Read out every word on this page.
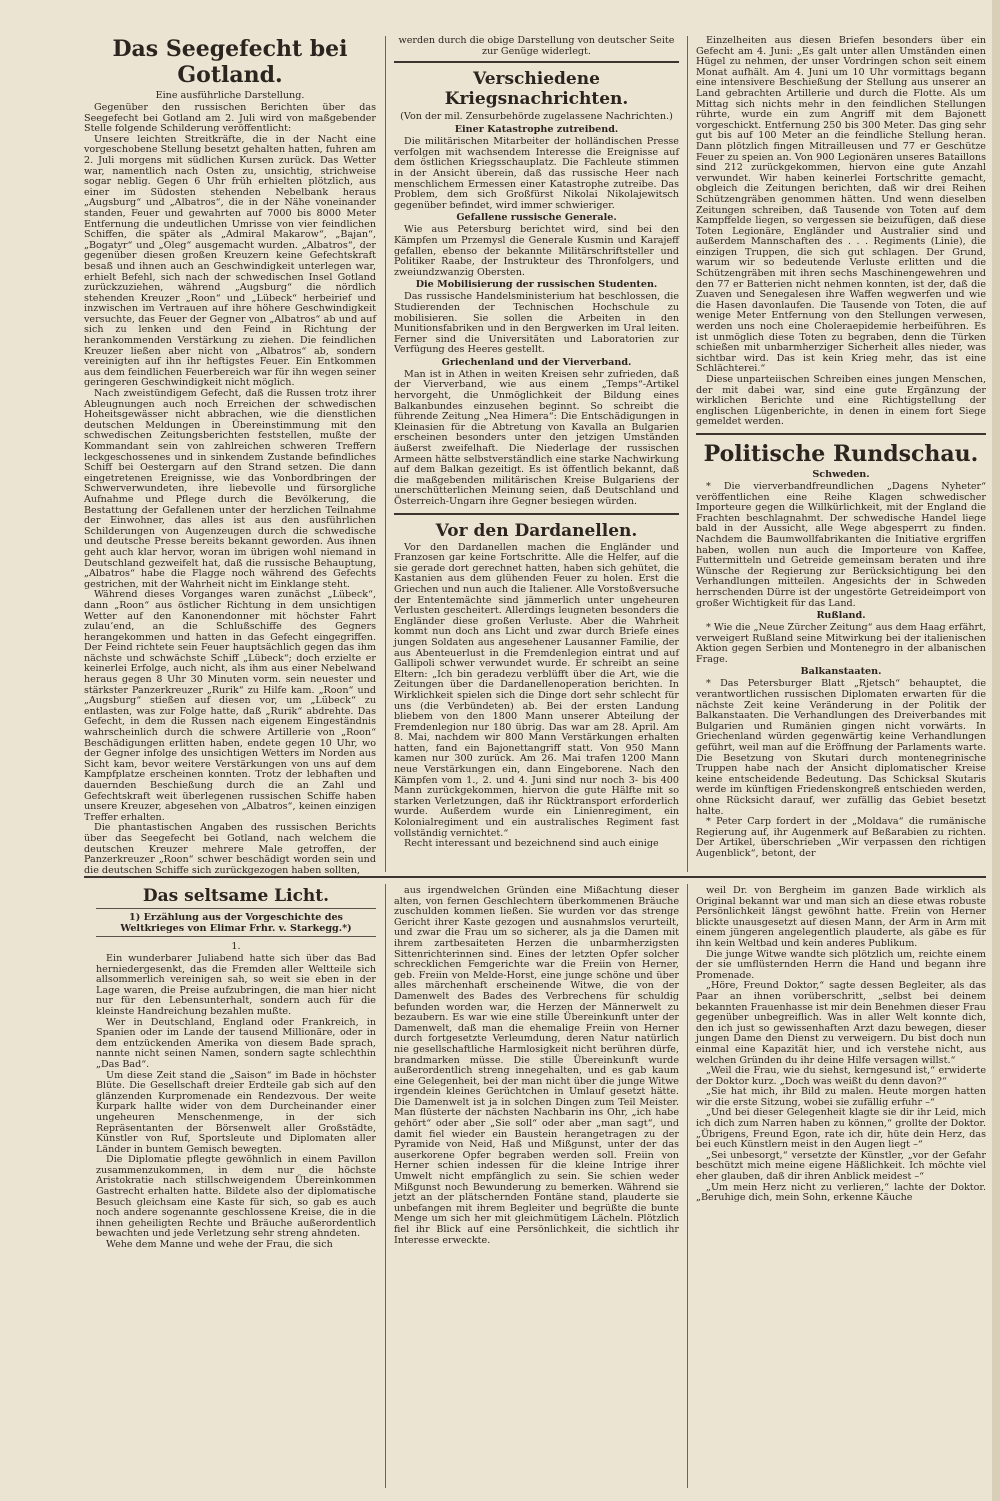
Das Seegefecht bei Gotland.
Eine ausführliche Darstellung.

Gegenüber den russischen Berichten über das Seegefecht bei Gotland am 2. Juli wird von maßgebender Stelle folgende Schilderung veröffentlicht:

Unsere leichten Streitkräfte, die in der Nacht eine vorgeschobene Stellung besetzt gehalten hatten, fuhren am 2. Juli morgens mit südlichen Kursen zurück. Das Wetter war, namentlich nach Osten zu, unsichtig, strichweise sogar neblig. Gegen 6 Uhr früh erhielten plötzlich, aus einer im Südosten stehenden Nebelbank heraus „Augsburg“ und „Albatros“, die in der Nähe voneinander standen, Feuer und gewahrten auf 7000 bis 8000 Meter Entfernung die undeutlichen Umrisse von vier feindlichen Schiffen, die später als „Admiral Makarow“, „Bajan“, „Bogatyr“ und „Oleg“ ausgemacht wurden. „Albatros“, der gegenüber diesen großen Kreuzern keine Gefechtskraft besaß und ihnen auch an Geschwindigkeit unterlegen war, erhielt Befehl, sich nach der schwedischen Insel Gotland zurückzuziehen, während „Augsburg“ die nördlich stehenden Kreuzer „Roon“ und „Lübeck“ herbeirief und inzwischen im Vertrauen auf ihre höhere Geschwindigkeit versuchte, das Feuer der Gegner von „Albatros“ ab und auf sich zu lenken und den Feind in Richtung der herankommenden Verstärkung zu ziehen. Die feindlichen Kreuzer ließen aber nicht von „Albatros“ ab, sondern vereinigten auf ihn ihr heftigstes Feuer. Ein Entkommen aus dem feindlichen Feuerbereich war für ihn wegen seiner geringeren Geschwindigkeit nicht möglich.

Nach zweistündigem Gefecht, daß die Russen trotz ihrer Ableugnungen auch noch Erreichen der schwedischen Hoheitsgewässer nicht abbrachen, wie die dienstlichen deutschen Meldungen in Übereinstimmung mit den schwedischen Zeitungsberichten feststellen, mußte der Kommandant sein von zahlreichen schweren Treffern leckgeschossenes und in sinkendem Zustande befindliches Schiff bei Oestergarn auf den Strand setzen. Die dann eingetretenen Ereignisse, wie das Vonbordbringen der Schwerverwundeten, ihre liebevolle und fürsorgliche Aufnahme und Pflege durch die Bevölkerung, die Bestattung der Gefallenen unter der herzlichen Teilnahme der Einwohner, das alles ist aus den ausführlichen Schilderungen von Augenzeugen durch die schwedische und deutsche Presse bereits bekannt geworden. Aus ihnen geht auch klar hervor, woran im übrigen wohl niemand in Deutschland gezweifelt hat, daß die russische Behauptung, „Albatros“ habe die Flagge noch während des Gefechts gestrichen, mit der Wahrheit nicht im Einklange steht.

Während dieses Vorganges waren zunächst „Lübeck“, dann „Roon“ aus östlicher Richtung in dem unsichtigen Wetter auf den Kanonendonner mit höchster Fahrt zulau’end, an die Schlußschiffe des Gegners herangekommen und hatten in das Gefecht eingegriffen. Der Feind richtete sein Feuer hauptsächlich gegen das ihm nächste und schwächste Schiff „Lübeck“; doch erzielte er keinerlei Erfolge, auch nicht, als ihm aus einer Nebelwand heraus gegen 8 Uhr 30 Minuten vorm. sein neuester und stärkster Panzerkreuzer „Rurik“ zu Hilfe kam. „Roon“ und „Augsburg“ stießen auf diesen vor, um „Lübeck“ zu entlasten, was zur Folge hatte, daß „Rurik“ abdrehte. Das Gefecht, in dem die Russen nach eigenem Eingeständnis wahrscheinlich durch die schwere Artillerie von „Roon“ Beschädigungen erlitten haben, endete gegen 10 Uhr, wo der Gegner infolge des unsichtigen Wetters im Norden aus Sicht kam, bevor weitere Verstärkungen von uns auf dem Kampfplatze erscheinen konnten. Trotz der lebhaften und dauernden Beschießung durch die an Zahl und Gefechtskraft weit überlegenen russischen Schiffe haben unsere Kreuzer, abgesehen von „Albatros“, keinen einzigen Treffer erhalten.

Die phantastischen Angaben des russischen Berichts über das Seegefecht bei Gotland, nach welchem die deutschen Kreuzer mehrere Male getroffen, der Panzerkreuzer „Roon“ schwer beschädigt worden sein und die deutschen Schiffe sich zurückgezogen haben sollten,

werden durch die obige Darstellung von deutscher Seite zur Genüge widerlegt.

Verschiedene Kriegsnachrichten.
(Von der mil. Zensurbehörde zugelassene Nachrichten.)
Einer Katastrophe zutreibend.

Die militärischen Mitarbeiter der holländischen Presse verfolgen mit wachsendem Interesse die Ereignisse auf dem östlichen Kriegsschauplatz. Die Fachleute stimmen in der Ansicht überein, daß das russische Heer nach menschlichem Ermessen einer Katastrophe zutreibe. Das Problem, dem sich Großfürst Nikolai Nikolajewitsch gegenüber befindet, wird immer schwieriger.

Gefallene russische Generale.

Wie aus Petersburg berichtet wird, sind bei den Kämpfen um Przemysl die Generale Kusmin und Karajeff gefallen, ebenso der bekannte Militärschriftsteller und Politiker Raabe, der Instrukteur des Thronfolgers, und zweiundzwanzig Obersten.

Die Mobilisierung der russischen Studenten.

Das russische Handelsministerium hat beschlossen, die Studierenden der Technischen Hochschule zu mobilisieren. Sie sollen die Arbeiten in den Munitionsfabriken und in den Bergwerken im Ural leiten. Ferner sind die Universitäten und Laboratorien zur Verfügung des Heeres gestellt.

Griechenland und der Vierverband.

Man ist in Athen in weiten Kreisen sehr zufrieden, daß der Vierverband, wie aus einem „Temps“-Artikel hervorgeht, die Unmöglichkeit der Bildung eines Balkanbundes einzusehen beginnt. So schreibt die führende Zeitung „Nea Himera“: Die Entschädigungen in Kleinasien für die Abtretung von Kavalla an Bulgarien erscheinen besonders unter den jetzigen Umständen äußerst zweifelhaft. Die Niederlage der russischen Armeen hätte selbstverständlich eine starke Nachwirkung auf dem Balkan gezeitigt. Es ist öffentlich bekannt, daß die maßgebenden militärischen Kreise Bulgariens der unerschütterlichen Meinung seien, daß Deutschland und Österreich-Ungarn ihre Gegner besiegen würden.

Vor den Dardanellen.

Vor den Dardanellen machen die Engländer und Franzosen gar keine Fortschritte. Alle die Helfer, auf die sie gerade dort gerechnet hatten, haben sich gehütet, die Kastanien aus dem glühenden Feuer zu holen. Erst die Griechen und nun auch die Italiener. Alle Vorstoßversuche der Ententemächte sind jämmerlich unter ungeheuren Verlusten gescheitert. Allerdings leugneten besonders die Engländer diese großen Verluste. Aber die Wahrheit kommt nun doch ans Licht und zwar durch Briefe eines jungen Soldaten aus angesehener Lausanner Familie, der aus Abenteuerlust in die Fremdenlegion eintrat und auf Gallipoli schwer verwundet wurde. Er schreibt an seine Eltern: „Ich bin geradezu verblüfft über die Art, wie die Zeitungen über die Dardanellenoperation berichten. In Wirklichkeit spielen sich die Dinge dort sehr schlecht für uns (die Verbündeten) ab. Bei der ersten Landung bliebem von den 1800 Mann unserer Abteilung der Fremdenlegion nur 180 übrig. Das war am 28. April. Am 8. Mai, nachdem wir 800 Mann Verstärkungen erhalten hatten, fand ein Bajonettangriff statt. Von 950 Mann kamen nur 300 zurück. Am 26. Mai trafen 1200 Mann neue Verstärkungen ein, dann Eingeborene. Nach den Kämpfen vom 1., 2. und 4. Juni sind nur noch 3- bis 400 Mann zurückgekommen, hiervon die gute Hälfte mit so starken Verletzungen, daß ihr Rücktransport erforderlich wurde. Außerdem wurde ein Linienregiment, ein Kolonialregiment und ein australisches Regiment fast vollständig vernichtet.“

Recht interessant und bezeichnend sind auch einige

Einzelheiten aus diesen Briefen besonders über ein Gefecht am 4. Juni: „Es galt unter allen Umständen einen Hügel zu nehmen, der unser Vordringen schon seit einem Monat aufhält. Am 4. Juni um 10 Uhr vormittags begann eine intensivere Beschießung der Stellung aus unserer an Land gebrachten Artillerie und durch die Flotte. Als um Mittag sich nichts mehr in den feindlichen Stellungen rührte, wurde ein zum Angriff mit dem Bajonett vorgeschickt. Entfernung 250 bis 300 Meter. Das ging sehr gut bis auf 100 Meter an die feindliche Stellung heran. Dann plötzlich fingen Mitrailleusen und 77 er Geschütze Feuer zu speien an. Von 900 Legionären unseres Bataillons sind 212 zurückgekommen, hiervon eine gute Anzahl verwundet. Wir haben keinerlei Fortschritte gemacht, obgleich die Zeitungen berichten, daß wir drei Reihen Schützengräben genommen hätten. Und wenn dieselben Zeitungen schreiben, daß Tausende von Toten auf dem Kampffelde liegen, so vergessen sie beizufügen, daß diese Toten Legionäre, Engländer und Australier sind und außerdem Mannschaften des . . . Regiments (Linie), die einzigen Truppen, die sich gut schlagen. Der Grund, warum wir so bedeutende Verluste erlitten und die Schützengräben mit ihren sechs Maschinengewehren und den 77 er Batterien nicht nehmen konnten, ist der, daß die Zuaven und Senegalesen ihre Waffen wegwerfen und wie die Hasen davonlaufen. Die Tausende von Toten, die auf wenige Meter Entfernung von den Stellungen verwesen, werden uns noch eine Choleraepidemie herbeiführen. Es ist unmöglich diese Toten zu begraben, denn die Türken schießen mit unbarmherziger Sicherheit alles nieder, was sichtbar wird. Das ist kein Krieg mehr, das ist eine Schlächterei.“

Diese unparteiischen Schreiben eines jungen Menschen, der mit dabei war, sind eine gute Ergänzung der wirklichen Berichte und eine Richtigstellung der englischen Lügenberichte, in denen in einem fort Siege gemeldet werden.

Politische Rundschau.
Schweden.

* Die vierverbandfreundlichen „Dagens Nyheter“ veröffentlichen eine Reihe Klagen schwedischer Importeure gegen die Willkürlichkeit, mit der England die Frachten beschlagnahmt. Der schwedische Handel liege bald in der Aussicht, alle Wege abgesperrt zu finden. Nachdem die Baumwollfabrikanten die Initiative ergriffen haben, wollen nun auch die Importeure von Kaffee, Futtermitteln und Getreide gemeinsam beraten und ihre Wünsche der Regierung zur Berücksichtigung bei den Verhandlungen mitteilen. Angesichts der in Schweden herrschenden Dürre ist der ungestörte Getreideimport von großer Wichtigkeit für das Land.

Rußland.

* Wie die „Neue Zürcher Zeitung“ aus dem Haag erfährt, verweigert Rußland seine Mitwirkung bei der italienischen Aktion gegen Serbien und Montenegro in der albanischen Frage.

Balkanstaaten.

* Das Petersburger Blatt „Rjetsch“ behauptet, die verantwortlichen russischen Diplomaten erwarten für die nächste Zeit keine Veränderung in der Politik der Balkanstaaten. Die Verhandlungen des Dreiverbandes mit Bulgarien und Rumänien gingen nicht vorwärts. In Griechenland würden gegenwärtig keine Verhandlungen geführt, weil man auf die Eröffnung der Parlaments warte. Die Besetzung von Skutari durch montenegrinische Truppen habe nach der Ansicht diplomatischer Kreise keine entscheidende Bedeutung. Das Schicksal Skutaris werde im künftigen Friedenskongreß entschieden werden, ohne Rücksicht darauf, wer zufällig das Gebiet besetzt halte.

* Peter Carp fordert in der „Moldava“ die rumänische Regierung auf, ihr Augenmerk auf Beßarabien zu richten. Der Artikel, überschrieben „Wir verpassen den richtigen Augenblick“, betont, der

Das seltsame Licht.
1) Erzählung aus der Vorgeschichte des Weltkrieges von Elimar Frhr. v. Starkegg.*)
1.

Ein wunderbarer Juliabend hatte sich über das Bad herniedergesenkt, das die Fremden aller Weltteile sich allsommerlich vereinigen sah, so weit sie eben in der Lage waren, die Preise aufzubringen, die man hier nicht nur für den Lebensunterhalt, sondern auch für die kleinste Handreichung bezahlen mußte.

Wer in Deutschland, England oder Frankreich, in Spanien oder im Lande der tausend Millionäre, oder in dem entzückenden Amerika von diesem Bade sprach, nannte nicht seinen Namen, sondern sagte schlechthin „Das Bad“.

Um diese Zeit stand die „Saison“ im Bade in höchster Blüte. Die Gesellschaft dreier Erdteile gab sich auf den glänzenden Kurpromenade ein Rendezvous. Der weite Kurpark hallte wider von dem Durcheinander einer ungeheuren Menschenmenge, in der sich Repräsentanten der Börsenwelt aller Großstädte, Künstler von Ruf, Sportsleute und Diplomaten aller Länder in buntem Gemisch bewegten.

Die Diplomatie pflegte gewöhnlich in einem Pavillon zusammenzukommen, in dem nur die höchste Aristokratie nach stillschweigendem Übereinkommen Gastrecht erhalten hatte. Bildete also der diplomatische Besuch gleichsam eine Kaste für sich, so gab es auch noch andere sogenannte geschlossene Kreise, die in die ihnen geheiligten Rechte und Bräuche außerordentlich bewachten und jede Verletzung sehr streng ahndeten.

Wehe dem Manne und wehe der Frau, die sich

aus irgendwelchen Gründen eine Mißachtung dieser alten, von fernen Geschlechtern überkommenen Bräuche zuschulden kommen ließen. Sie wurden vor das strenge Gericht ihrer Kaste gezogen und ausnahmslos verurteilt, und zwar die Frau um so sicherer, als ja die Damen mit ihrem zartbesaiteten Herzen die unbarmherzigsten Sittenrichterinnen sind. Eines der letzten Opfer solcher schrecklichen Femgerichte war die Freiin von Herner, geb. Freiin von Melde-Horst, eine junge schöne und über alles märchenhaft erscheinende Witwe, die von der Damenwelt des Bades des Verbrechens für schuldig befunden worden war, die Herzen der Männerwelt zu bezaubern. Es war wie eine stille Übereinkunft unter der Damenwelt, daß man die ehemalige Freiin von Herner durch fortgesetzte Verleumdung, deren Natur natürlich nie gesellschaftliche Harmlosigkeit nicht berühren dürfe, brandmarken müsse. Die stille Übereinkunft wurde außerordentlich streng innegehalten, und es gab kaum eine Gelegenheit, bei der man nicht über die junge Witwe irgendein kleines Gerüchtchen in Umlauf gesetzt hätte. Die Damenwelt ist ja in solchen Dingen zum Teil Meister. Man flüsterte der nächsten Nachbarin ins Ohr, „ich habe gehört“ oder aber „Sie soll“ oder aber „man sagt“, und damit fiel wieder ein Baustein herangetragen zu der Pyramide von Neid, Haß und Mißgunst, unter der das auserkorene Opfer begraben werden soll. Freiin von Herner schien indessen für die kleine Intrige ihrer Umwelt nicht empfänglich zu sein. Sie schien weder Mißgunst noch Bewunderung zu bemerken. Während sie jetzt an der plätschernden Fontäne stand, plauderte sie unbefangen mit ihrem Begleiter und begrüßte die bunte Menge um sich her mit gleichmütigem Lächeln. Plötzlich fiel ihr Blick auf eine Persönlichkeit, die sichtlich ihr Interesse erweckte.

weil Dr. von Bergheim im ganzen Bade wirklich als Original bekannt war und man sich an diese etwas robuste Persönlichkeit längst gewöhnt hatte. Freiin von Herner blickte unausgesetzt auf diesen Mann, der Arm in Arm mit einem jüngeren angelegentlich plauderte, als gäbe es für ihn kein Weltbad und kein anderes Publikum.

Die junge Witwe wandte sich plötzlich um, reichte einem der sie umflüsternden Herrn die Hand und begann ihre Promenade.

„Höre, Freund Doktor,“ sagte dessen Begleiter, als das Paar an ihnen vorüberschritt, „selbst bei deinem bekannten Frauenhasse ist mir dein Benehmen dieser Frau gegenüber unbegreiflich. Was in aller Welt konnte dich, den ich just so gewissenhaften Arzt dazu bewegen, dieser jungen Dame den Dienst zu verweigern. Du bist doch nun einmal eine Kapazität hier, und ich verstehe nicht, aus welchen Gründen du ihr deine Hilfe versagen willst.“

„Weil die Frau, wie du siehst, kerngesund ist,“ erwiderte der Doktor kurz. „Doch was weißt du denn davon?“

„Sie hat mich, ihr Bild zu malen. Heute morgen hatten wir die erste Sitzung, wobei sie zufällig erfuhr –“

„Und bei dieser Gelegenheit klagte sie dir ihr Leid, mich ich dich zum Narren haben zu können,“ grollte der Doktor. „Übrigens, Freund Egon, rate ich dir, hüte dein Herz, das bei euch Künstlern meist in den Augen liegt –“

„Sei unbesorgt,“ versetzte der Künstler, „vor der Gefahr beschützt mich meine eigene Häßlichkeit. Ich möchte viel eher glauben, daß dir ihren Anblick meidest –“

„Um mein Herz nicht zu verlieren,“ lachte der Doktor. „Beruhige dich, mein Sohn, erkenne Käuche
